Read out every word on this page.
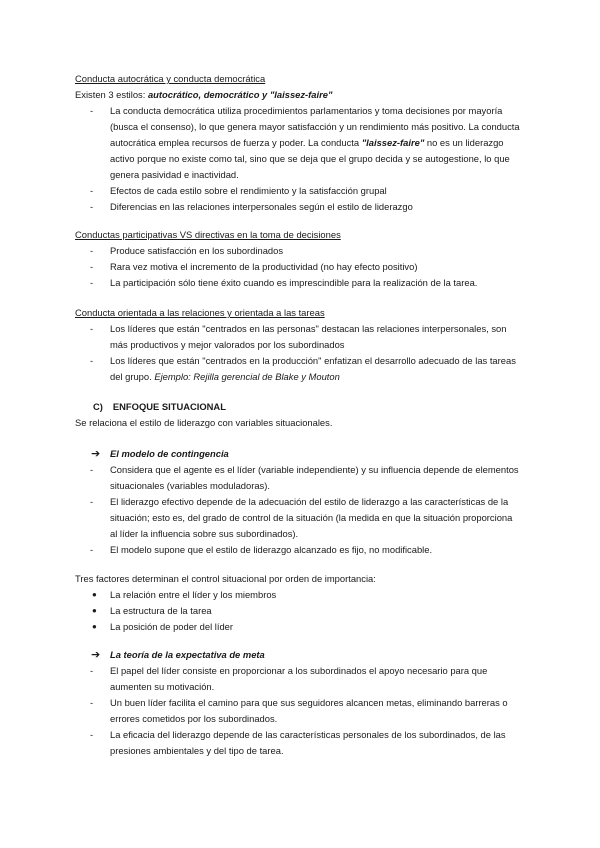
Conducta autocrática y conducta democrática
Existen 3 estilos: autocrático, democrático y "laissez-faire"
- La conducta democrática utiliza procedimientos parlamentarios y toma decisiones por mayoría (busca el consenso), lo que genera mayor satisfacción y un rendimiento más positivo. La conducta autocrática emplea recursos de fuerza y poder. La conducta "laissez-faire" no es un liderazgo activo porque no existe como tal, sino que se deja que el grupo decida y se autogestione, lo que genera pasividad e inactividad.
- Efectos de cada estilo sobre el rendimiento y la satisfacción grupal
- Diferencias en las relaciones interpersonales según el estilo de liderazgo
Conductas participativas VS directivas en la toma de decisiones
- Produce satisfacción en los subordinados
- Rara vez motiva el incremento de la productividad (no hay efecto positivo)
- La participación sólo tiene éxito cuando es imprescindible para la realización de la tarea.
Conducta orientada a las relaciones y orientada a las tareas
- Los líderes que están "centrados en las personas" destacan las relaciones interpersonales, son más productivos y mejor valorados por los subordinados
- Los líderes que están "centrados en la producción" enfatizan el desarrollo adecuado de las tareas del grupo. Ejemplo: Rejilla gerencial de Blake y Mouton
C) ENFOQUE SITUACIONAL
Se relaciona el estilo de liderazgo con variables situacionales.
➔ El modelo de contingencia
- Considera que el agente es el líder (variable independiente) y su influencia depende de elementos situacionales (variables moduladoras).
- El liderazgo efectivo depende de la adecuación del estilo de liderazgo a las características de la situación; esto es, del grado de control de la situación (la medida en que la situación proporciona al líder la influencia sobre sus subordinados).
- El modelo supone que el estilo de liderazgo alcanzado es fijo, no modificable.
Tres factores determinan el control situacional por orden de importancia:
● La relación entre el líder y los miembros
● La estructura de la tarea
● La posición de poder del líder
➔ La teoría de la expectativa de meta
- El papel del líder consiste en proporcionar a los subordinados el apoyo necesario para que aumenten su motivación.
- Un buen líder facilita el camino para que sus seguidores alcancen metas, eliminando barreras o errores cometidos por los subordinados.
- La eficacia del liderazgo depende de las características personales de los subordinados, de las presiones ambientales y del tipo de tarea.
